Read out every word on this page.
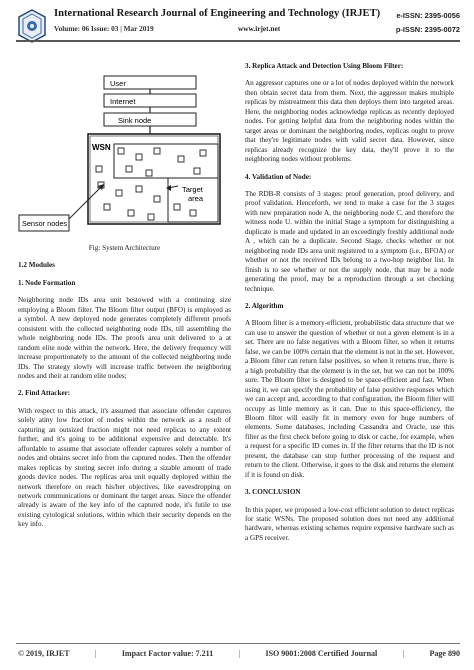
International Research Journal of Engineering and Technology (IRJET)
Volume: 06 Issue: 03 | Mar 2019	www.irjet.net
e-ISSN: 2395-0056
p-ISSN: 2395-0072
User
Internet
Sink node
WSN
Target area
Sensor nodes

Fig: System Architecture

1.2 Modules

1. Node Formation

Neighboring node IDs area unit bestowed with a continuing size employing a Bloom filter. The Bloom filter output (BFO) is employed as a symbol. A new deployed node generates completely different proofs consistent with the collected neighboring node IDs, till assembling the whole neighboring node IDs. The proofs area unit delivered to a at random elite node within the network. Here, the delivery frequency will increase proportionately to the amount of the collected neighboring node IDs. The strategy slowly will increase traffic between the neighboring nodes and their at random elite nodes;

2. Find Attacker:

With respect to this attack, it's assumed that associate offender captures solely atiny low fraction of nodes within the network as a result of capturing an outsized fraction might not need replicas to any extent further, and it's going to be additional expensive and detectable. It's affordable to assume that associate offender captures solely a number of nodes and obtains secret info from the captured nodes. Then the offender makes replicas by storing secret info during a sizable amount of trade goods device nodes. The replicas area unit equally deployed within the network therefore on reach his/her objectives, like eavesdropping on network communications or dominant the target areas. Since the offender already is aware of the key info of the captured node, it's futile to use existing cytological solutions, within which their security depends on the key info.

3. Replica Attack and Detection Using Bloom Filter:

An aggressor captures one or a lot of nodes deployed within the network then obtain secret data from them. Next, the aggressor makes multiple replicas by mistreatment this data then deploys them into targeted areas. Here, the neighboring nodes acknowledge replicas as recently deployed nodes. For getting helpful data from the neighboring nodes within the target areas or dominant the neighboring nodes, replicas ought to prove that they're legitimate nodes with valid secret data. However, since replicas already recognize the key data, they'll prove it to the neighboring nodes without problems.

4. Validation of Node:

The RDB-R consists of 3 stages: proof generation, proof delivery, and proof validation. Henceforth, we tend to make a case for the 3 stages with new preparation node A, the neighboring node C, and therefore the witness node U. within the initial Stage a symptom for distinguishing a duplicate is made and updated in an exceedingly freshly additional node A , which can be a duplicate. Second Stage, checks whether or not neighboring node IDs area unit registered to a symptom (i.e., BFOA) or whether or not the received IDs belong to a two-hop neighbor list. In finish is to see whether or not the supply node, that may be a node generating the proof, may be a reproduction through a set checking technique.

2. Algorithm

A Bloom filter is a memory-efficient, probabilistic data structure that we can use to answer the question of whether or not a given element is in a set. There are no false negatives with a Bloom filter, so when it returns false, we can be 100% certain that the element is not in the set. However, a Bloom filter can return false positives, so when it returns true, there is a high probability that the element is in the set, but we can not be 100% sure. The Bloom filter is designed to be space-efficient and fast. When using it, we can specify the probability of false positive responses which we can accept and, according to that configuration, the Bloom filter will occupy as little memory as it can. Due to this space-efficiency, the Bloom filter will easily fit in memory even for huge numbers of elements. Some databases, including Cassandra and Oracle, use this filter as the first check before going to disk or cache, for example, when a request for a specific ID comes in. If the filter returns that the ID is not present, the database can stop further processing of the request and return to the client. Otherwise, it goes to the disk and returns the element if it is found on disk.

3. CONCLUSION

In this paper, we proposed a low-cost efficient solution to detect replicas for static WSNs. The proposed solution does not need any additional hardware, whereas existing schemes require expensive hardware such as a GPS receiver.

© 2019, IRJET	|	Impact Factor value: 7.211	|	ISO 9001:2008 Certified Journal	|	Page 890
